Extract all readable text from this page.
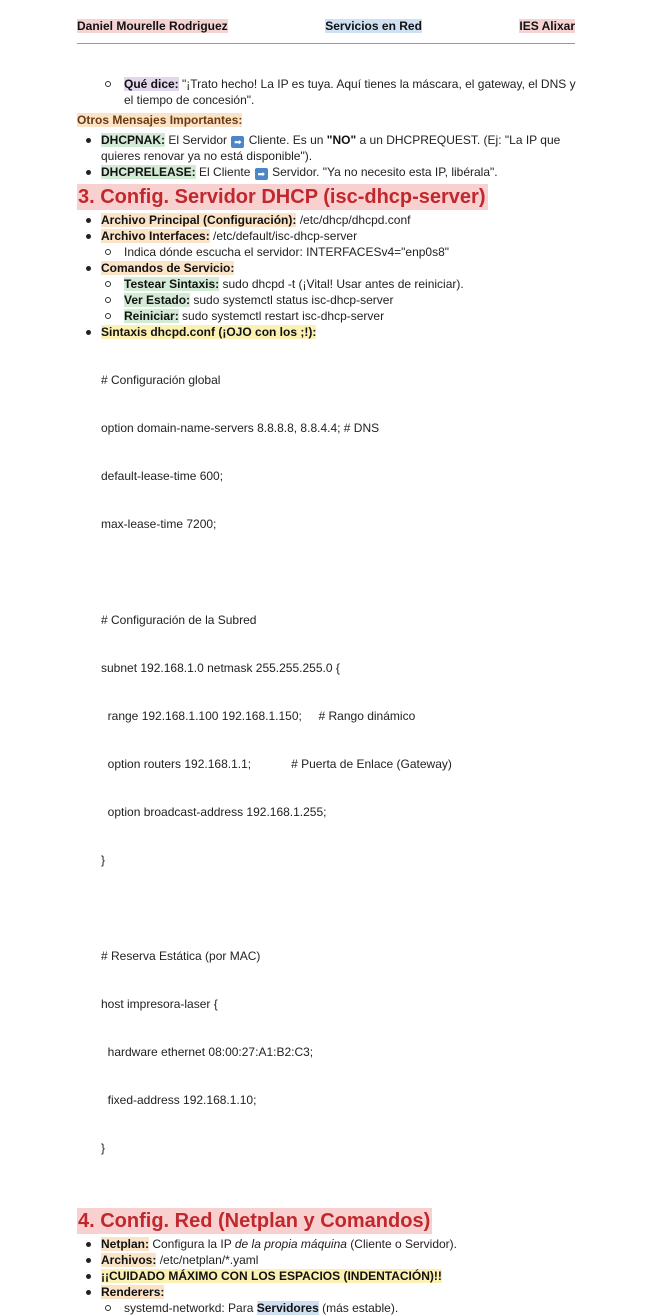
Daniel Mourelle Rodriguez	Servicios en Red	IES Alixar
Qué dice: "¡Trato hecho! La IP es tuya. Aquí tienes la máscara, el gateway, el DNS y el tiempo de concesión".
Otros Mensajes Importantes:
DHCPNAK: El Servidor ➡ Cliente. Es un "NO" a un DHCPREQUEST. (Ej: "La IP que quieres renovar ya no está disponible").
DHCPRELEASE: El Cliente ➡ Servidor. "Ya no necesito esta IP, libérala".
3. Config. Servidor DHCP (isc-dhcp-server)
Archivo Principal (Configuración): /etc/dhcp/dhcpd.conf
Archivo Interfaces: /etc/default/isc-dhcp-server
Indica dónde escucha el servidor: INTERFACESv4="enp0s8"
Comandos de Servicio:
Testear Sintaxis: sudo dhcpd -t (¡Vital! Usar antes de reiniciar).
Ver Estado: sudo systemctl status isc-dhcp-server
Reiniciar: sudo systemctl restart isc-dhcp-server
Sintaxis dhcpd.conf (¡OJO con los ;!):

# Configuración global

option domain-name-servers 8.8.8.8, 8.8.4.4; # DNS

default-lease-time 600;

max-lease-time 7200;

# Configuración de la Subred

subnet 192.168.1.0 netmask 255.255.255.0 {

range 192.168.1.100 192.168.1.150;     # Rango dinámico

option routers 192.168.1.1;            # Puerta de Enlace (Gateway)

option broadcast-address 192.168.1.255;

}

# Reserva Estática (por MAC)

host impresora-laser {

hardware ethernet 08:00:27:A1:B2:C3;

fixed-address 192.168.1.10;

}

4. Config. Red (Netplan y Comandos)
Netplan: Configura la IP de la propia máquina (Cliente o Servidor).
Archivos: /etc/netplan/*.yaml
¡¡CUIDADO MÁXIMO CON LOS ESPACIOS (INDENTACIÓN)!!
Renderers:
systemd-networkd: Para Servidores (más estable).
